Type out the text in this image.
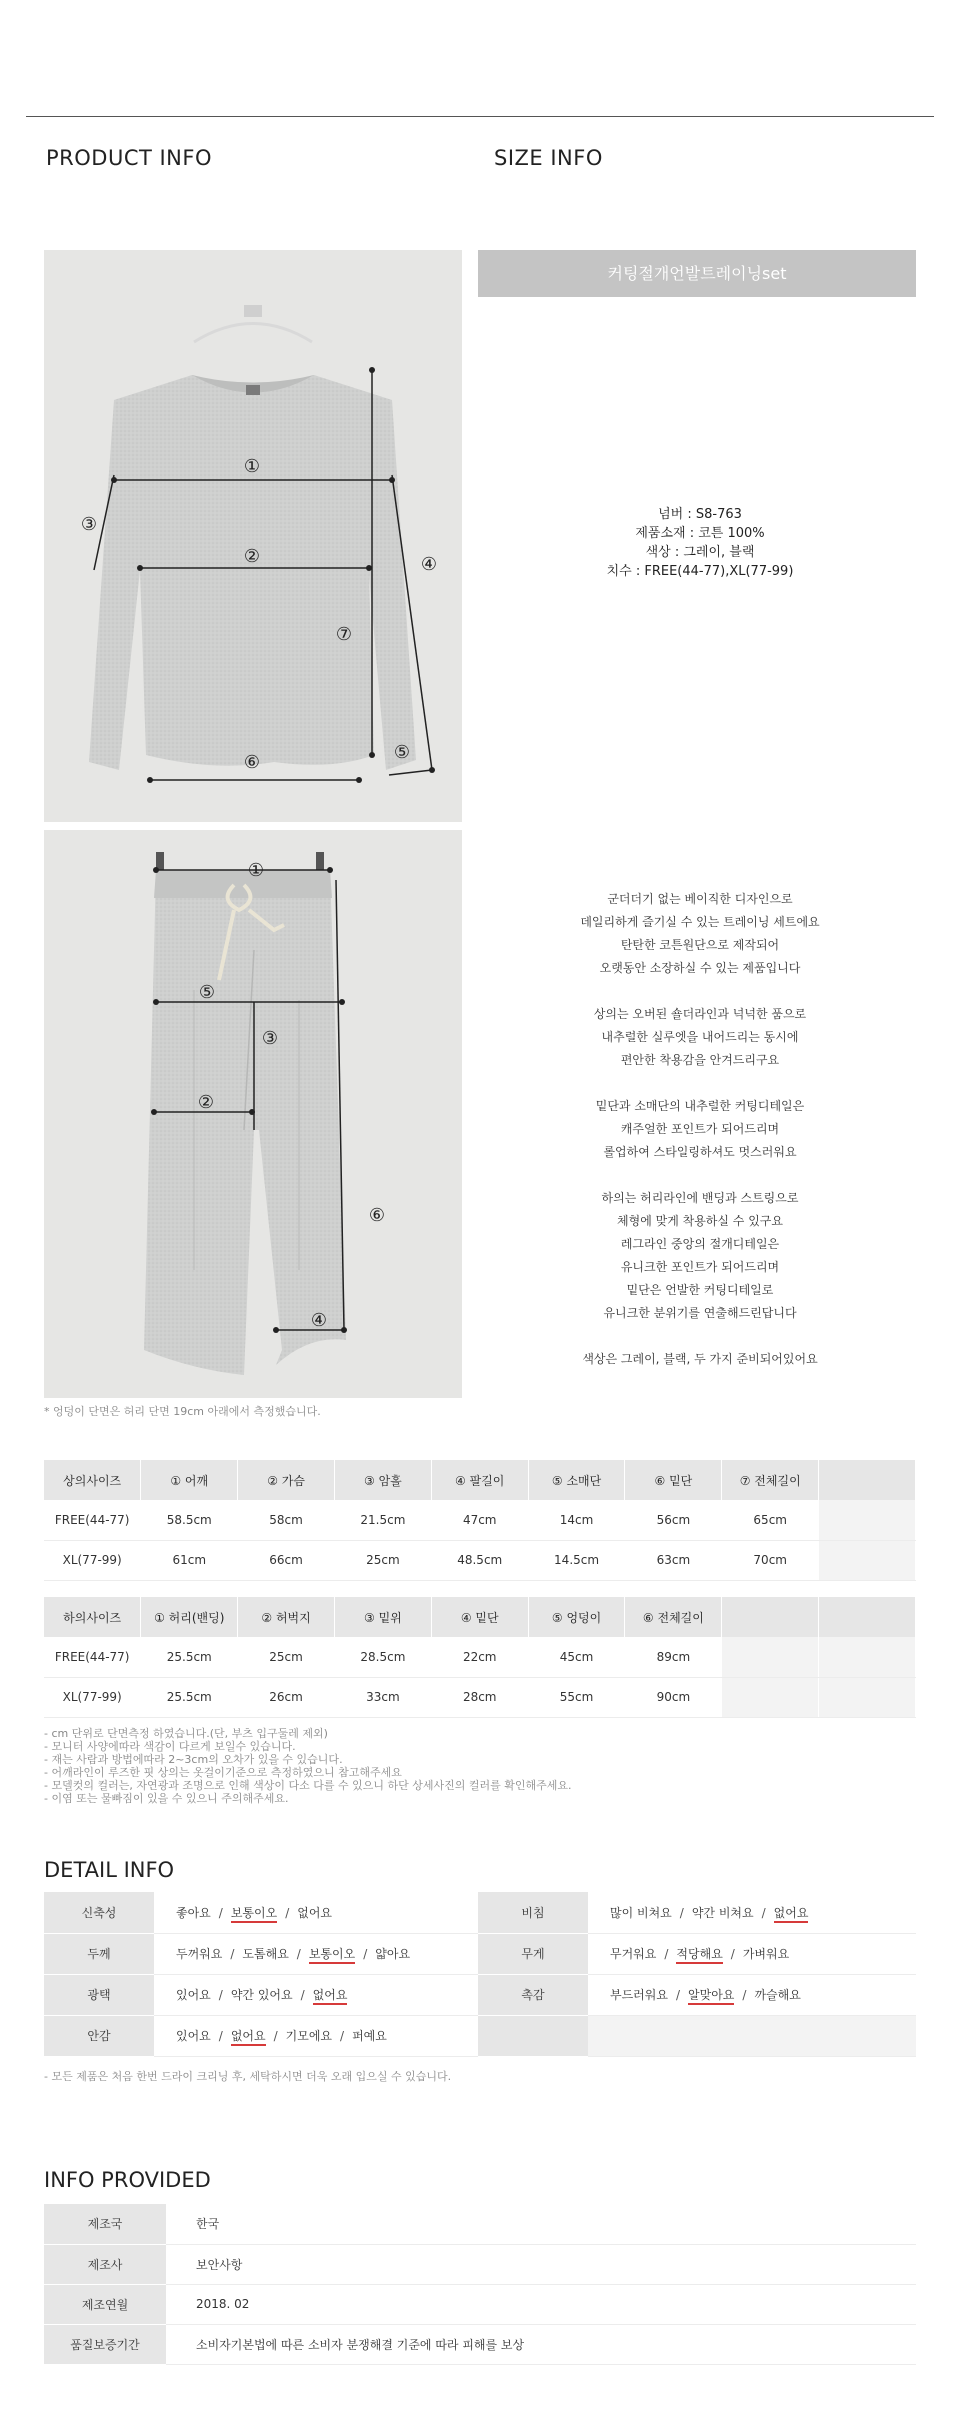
PRODUCT INFO	SIZE INFO
①
②
③
④
⑤
⑥
⑦
커팅절개언발트레이닝set
넘버 : S8-763
제품소재 : 코튼 100%
색상 : 그레이, 블랙
치수 : FREE(44-77),XL(77-99)
①
②
③
④
⑤
⑥

군더더기 없는 베이직한 디자인으로
데일리하게 즐기실 수 있는 트레이닝 세트에요
탄탄한 코튼원단으로 제작되어
오랫동안 소장하실 수 있는 제품입니다

상의는 오버된 숄더라인과 넉넉한 품으로
내추럴한 실루엣을 내어드리는 동시에
편안한 착용감을 안겨드리구요

밑단과 소매단의 내추럴한 커팅디테일은
캐주얼한 포인트가 되어드리며
롤업하여 스타일링하셔도 멋스러워요

하의는 허리라인에 밴딩과 스트링으로
체형에 맞게 착용하실 수 있구요
레그라인 중앙의 절개디테일은
유니크한 포인트가 되어드리며
밑단은 언발한 커팅디테일로
유니크한 분위기를 연출해드린답니다

색상은 그레이, 블랙, 두 가지 준비되어있어요

* 엉덩이 단면은 허리 단면 19cm 아래에서 측정했습니다.
상의사이즈	① 어깨	② 가슴	③ 암홀	④ 팔길이	⑤ 소매단	⑥ 밑단	⑦ 전체길이	
FREE(44-77)	58.5cm	58cm	21.5cm	47cm	14cm	56cm	65cm	
XL(77-99)	61cm	66cm	25cm	48.5cm	14.5cm	63cm	70cm	
하의사이즈	① 허리(밴딩)	② 허벅지	③ 밑위	④ 밑단	⑤ 엉덩이	⑥ 전체길이		
FREE(44-77)	25.5cm	25cm	28.5cm	22cm	45cm	89cm		
XL(77-99)	25.5cm	26cm	33cm	28cm	55cm	90cm		
- cm 단위로 단면측정 하였습니다.(단, 부츠 입구둘레 제외)
- 모니터 사양에따라 색감이 다르게 보일수 있습니다.
- 재는 사람과 방법에따라 2~3cm의 오차가 있을 수 있습니다.
- 어깨라인이 루즈한 핏 상의는 옷걸이기준으로 측정하였으니 참고해주세요
- 모델컷의 컬러는, 자연광과 조명으로 인해 색상이 다소 다를 수 있으니 하단 상세사진의 컬러를 확인해주세요.
- 이염 또는 물빠짐이 있을 수 있으니 주의해주세요.
DETAIL INFO
신축성	좋아요 / 보통이오 / 없어요	비침	많이 비쳐요 / 약간 비쳐요 / 없어요
두께	두꺼워요 / 도톰해요 / 보통이오 / 얇아요	무게	무거워요 / 적당해요 / 가벼워요
광택	있어요 / 약간 있어요 / 없어요	촉감	부드러워요 / 알맞아요 / 까슬해요
안감	있어요 / 없어요 / 기모에요 / 퍼예요		
- 모든 제품은 처음 한번 드라이 크리닝 후, 세탁하시면 더욱 오래 입으실 수 있습니다.
INFO PROVIDED
제조국	한국
제조사	보안사항
제조연월	2018. 02
품질보증기간	소비자기본법에 따른 소비자 분쟁해결 기준에 따라 피해를 보상
